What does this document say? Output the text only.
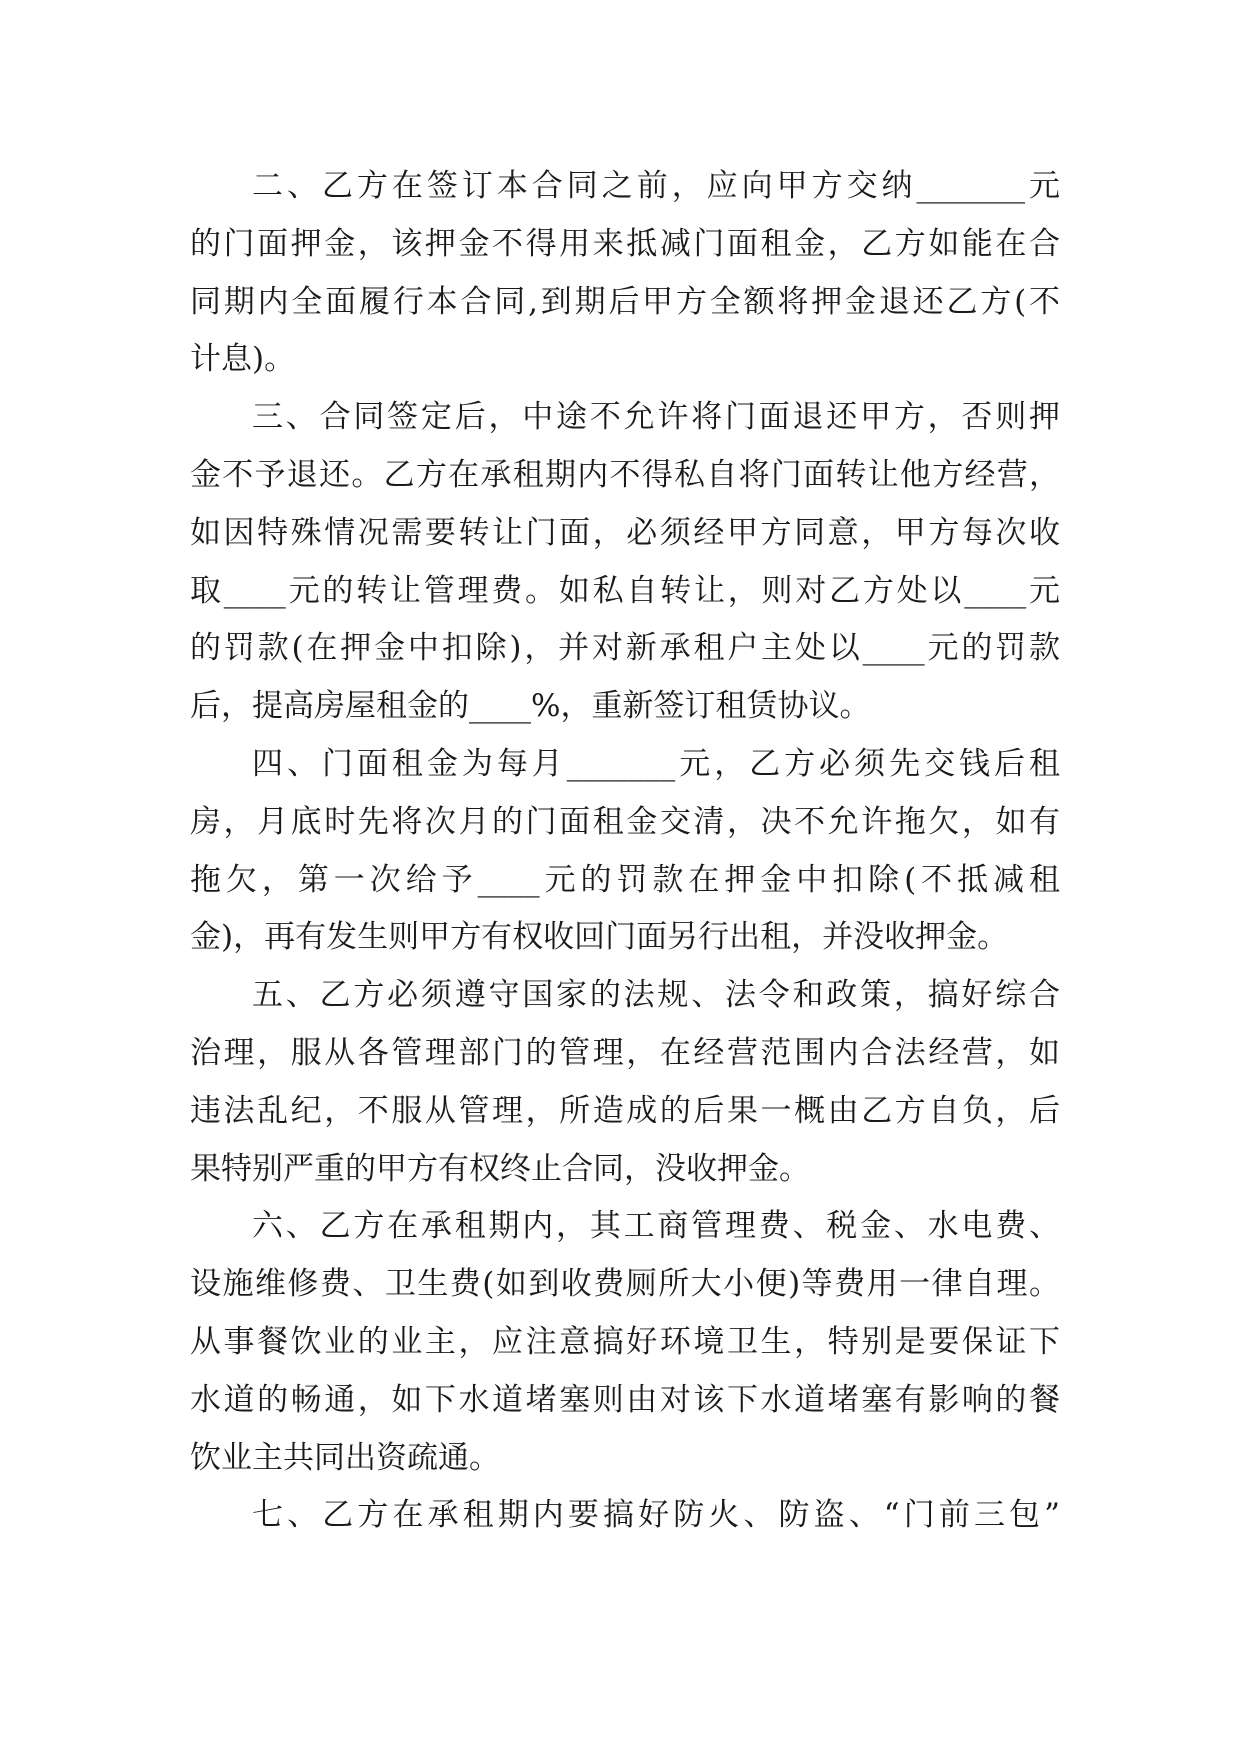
二、乙方在签订本合同之前，应向甲方交纳_______元
的门面押金，该押金不得用来抵减门面租金，乙方如能在合
同期内全面履行本合同,到期后甲方全额将押金退还乙方(不
计息)。
三、合同签定后，中途不允许将门面退还甲方，否则押
金不予退还。乙方在承租期内不得私自将门面转让他方经营，
如因特殊情况需要转让门面，必须经甲方同意，甲方每次收
取____元的转让管理费。如私自转让，则对乙方处以____元
的罚款(在押金中扣除)，并对新承租户主处以____元的罚款
后，提高房屋租金的____%，重新签订租赁协议。
四、门面租金为每月_______元，乙方必须先交钱后租
房，月底时先将次月的门面租金交清，决不允许拖欠，如有
拖欠，第一次给予____元的罚款在押金中扣除(不抵减租
金)，再有发生则甲方有权收回门面另行出租，并没收押金。
五、乙方必须遵守国家的法规、法令和政策，搞好综合
治理，服从各管理部门的管理，在经营范围内合法经营，如
违法乱纪，不服从管理，所造成的后果一概由乙方自负，后
果特别严重的甲方有权终止合同，没收押金。
六、乙方在承租期内，其工商管理费、税金、水电费、
设施维修费、卫生费(如到收费厕所大小便)等费用一律自理。
从事餐饮业的业主，应注意搞好环境卫生，特别是要保证下
水道的畅通，如下水道堵塞则由对该下水道堵塞有影响的餐
饮业主共同出资疏通。
七、乙方在承租期内要搞好防火、防盗、“门前三包”
